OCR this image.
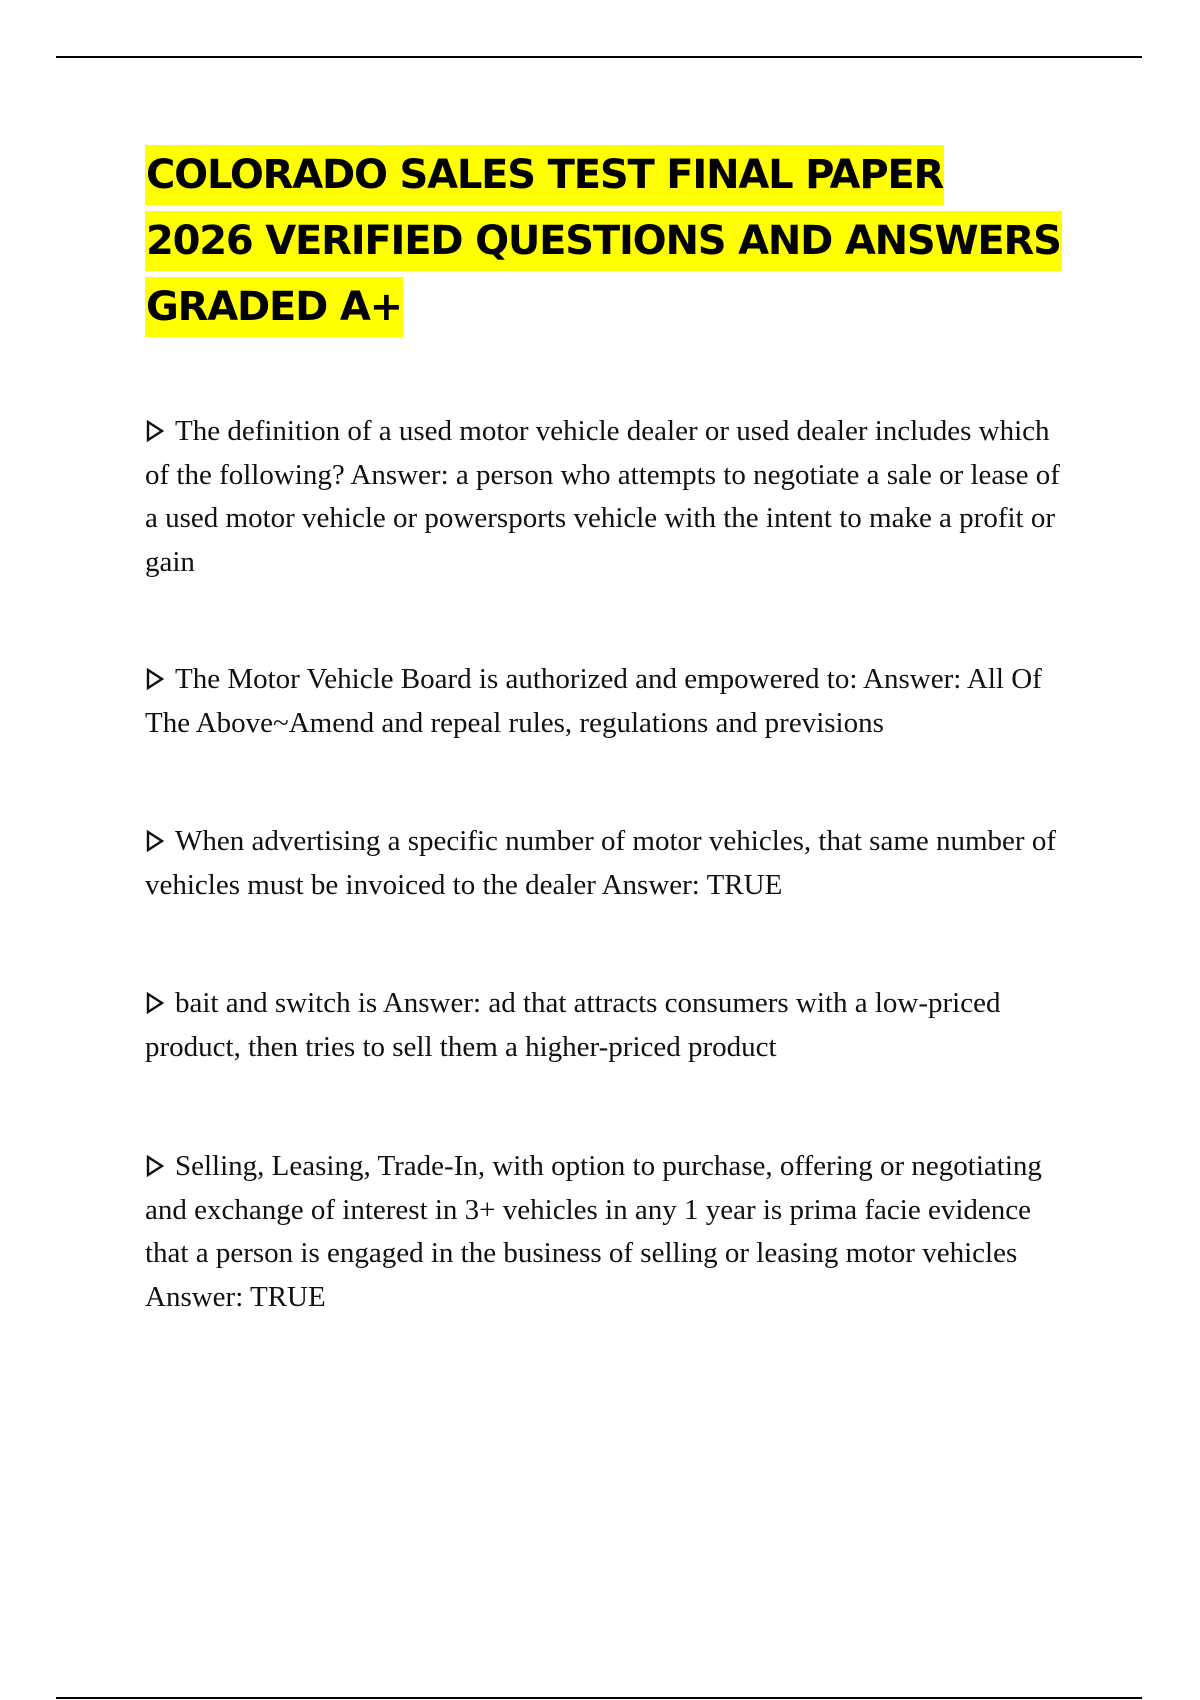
COLORADO SALES TEST FINAL PAPER
2026 VERIFIED QUESTIONS AND ANSWERS
GRADED A+

The definition of a used motor vehicle dealer or used dealer includes which of the following? Answer: a person who attempts to negotiate a sale or lease of a used motor vehicle or powersports vehicle with the intent to make a profit or gain

The Motor Vehicle Board is authorized and empowered to: Answer: All Of The Above~Amend and repeal rules, regulations and previsions

When advertising a specific number of motor vehicles, that same number of vehicles must be invoiced to the dealer Answer: TRUE

bait and switch is Answer: ad that attracts consumers with a low-priced product, then tries to sell them a higher-priced product

Selling, Leasing, Trade-In, with option to purchase, offering or negotiating and exchange of interest in 3+ vehicles in any 1 year is prima facie evidence that a person is engaged in the business of selling or leasing motor vehicles Answer: TRUE
